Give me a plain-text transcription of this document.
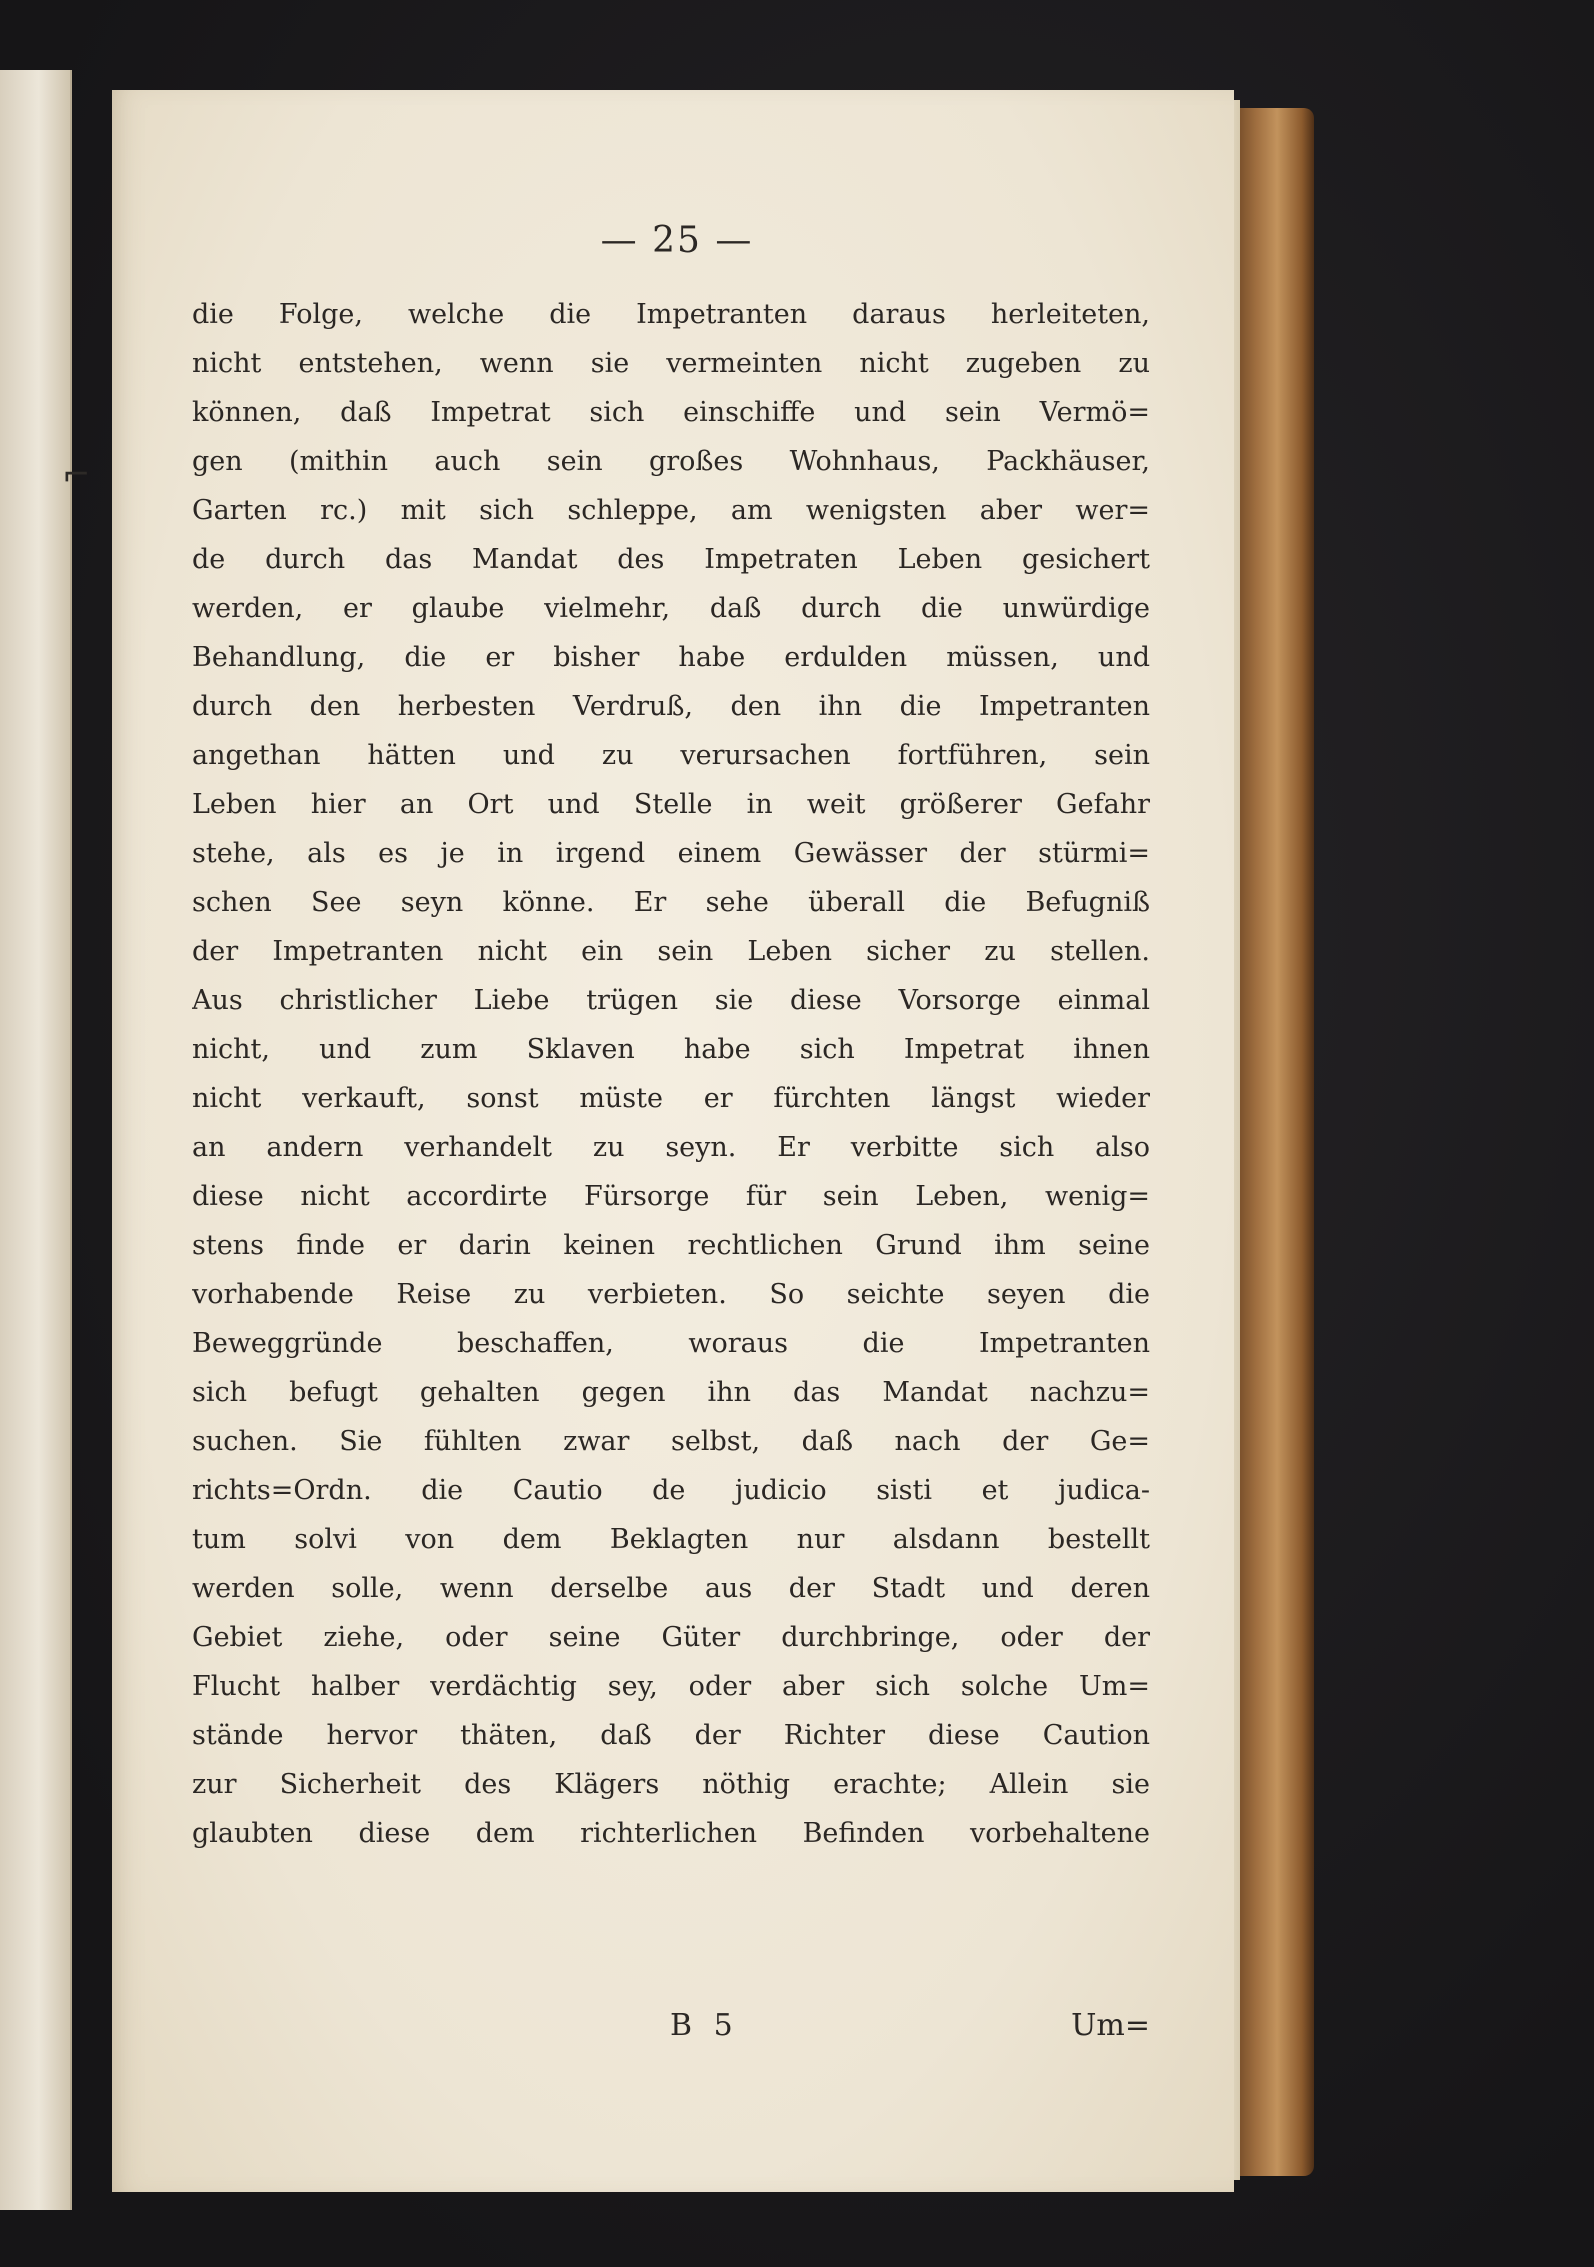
⌐
— 25 —
die Folge, welche die Impetranten daraus herleiteten,
nicht entstehen, wenn sie vermeinten nicht zugeben zu
können, daß Impetrat sich einschiffe und sein Vermö=
gen (mithin auch sein großes Wohnhaus, Packhäuser,
Garten rc.) mit sich schleppe, am wenigsten aber wer=
de durch das Mandat des Impetraten Leben gesichert
werden, er glaube vielmehr, daß durch die unwürdige
Behandlung, die er bisher habe erdulden müssen, und
durch den herbesten Verdruß, den ihn die Impetranten
angethan hätten und zu verursachen fortführen, sein
Leben hier an Ort und Stelle in weit größerer Gefahr
stehe, als es je in irgend einem Gewässer der stürmi=
schen See seyn könne. Er sehe überall die Befugniß
der Impetranten nicht ein sein Leben sicher zu stellen.
Aus christlicher Liebe trügen sie diese Vorsorge einmal
nicht, und zum Sklaven habe sich Impetrat ihnen
nicht verkauft, sonst müste er fürchten längst wieder
an andern verhandelt zu seyn. Er verbitte sich also
diese nicht accordirte Fürsorge für sein Leben, wenig=
stens finde er darin keinen rechtlichen Grund ihm seine
vorhabende Reise zu verbieten. So seichte seyen die
Beweggründe beschaffen, woraus die Impetranten
sich befugt gehalten gegen ihn das Mandat nachzu=
suchen. Sie fühlten zwar selbst, daß nach der Ge=
richts=Ordn. die Cautio de judicio sisti et judica-
tum solvi von dem Beklagten nur alsdann bestellt
werden solle, wenn derselbe aus der Stadt und deren
Gebiet ziehe, oder seine Güter durchbringe, oder der
Flucht halber verdächtig sey, oder aber sich solche Um=
stände hervor thäten, daß der Richter diese Caution
zur Sicherheit des Klägers nöthig erachte; Allein sie
glaubten diese dem richterlichen Befinden vorbehaltene
B 5	Um=
